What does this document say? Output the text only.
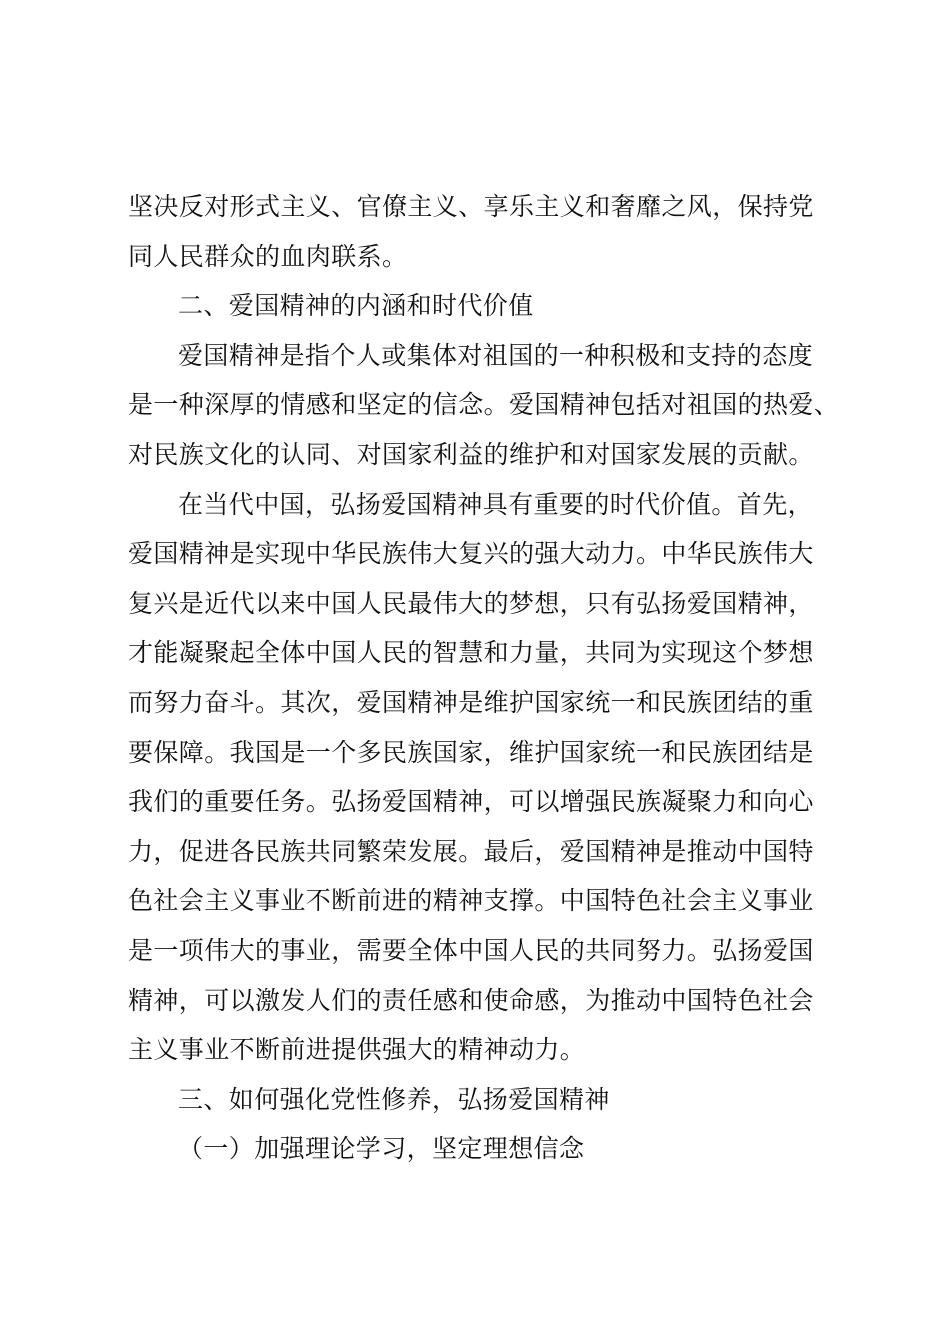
坚决反对形式主义、官僚主义、享乐主义和奢靡之风，保持党
同人民群众的血肉联系。
二、爱国精神的内涵和时代价值
爱国精神是指个人或集体对祖国的一种积极和支持的态度
是一种深厚的情感和坚定的信念。爱国精神包括对祖国的热爱、
对民族文化的认同、对国家利益的维护和对国家发展的贡献。
在当代中国，弘扬爱国精神具有重要的时代价值。首先，
爱国精神是实现中华民族伟大复兴的强大动力。中华民族伟大
复兴是近代以来中国人民最伟大的梦想，只有弘扬爱国精神，
才能凝聚起全体中国人民的智慧和力量，共同为实现这个梦想
而努力奋斗。其次，爱国精神是维护国家统一和民族团结的重
要保障。我国是一个多民族国家，维护国家统一和民族团结是
我们的重要任务。弘扬爱国精神，可以增强民族凝聚力和向心
力，促进各民族共同繁荣发展。最后，爱国精神是推动中国特
色社会主义事业不断前进的精神支撑。中国特色社会主义事业
是一项伟大的事业，需要全体中国人民的共同努力。弘扬爱国
精神，可以激发人们的责任感和使命感，为推动中国特色社会
主义事业不断前进提供强大的精神动力。
三、如何强化党性修养，弘扬爱国精神
（一）加强理论学习，坚定理想信念
